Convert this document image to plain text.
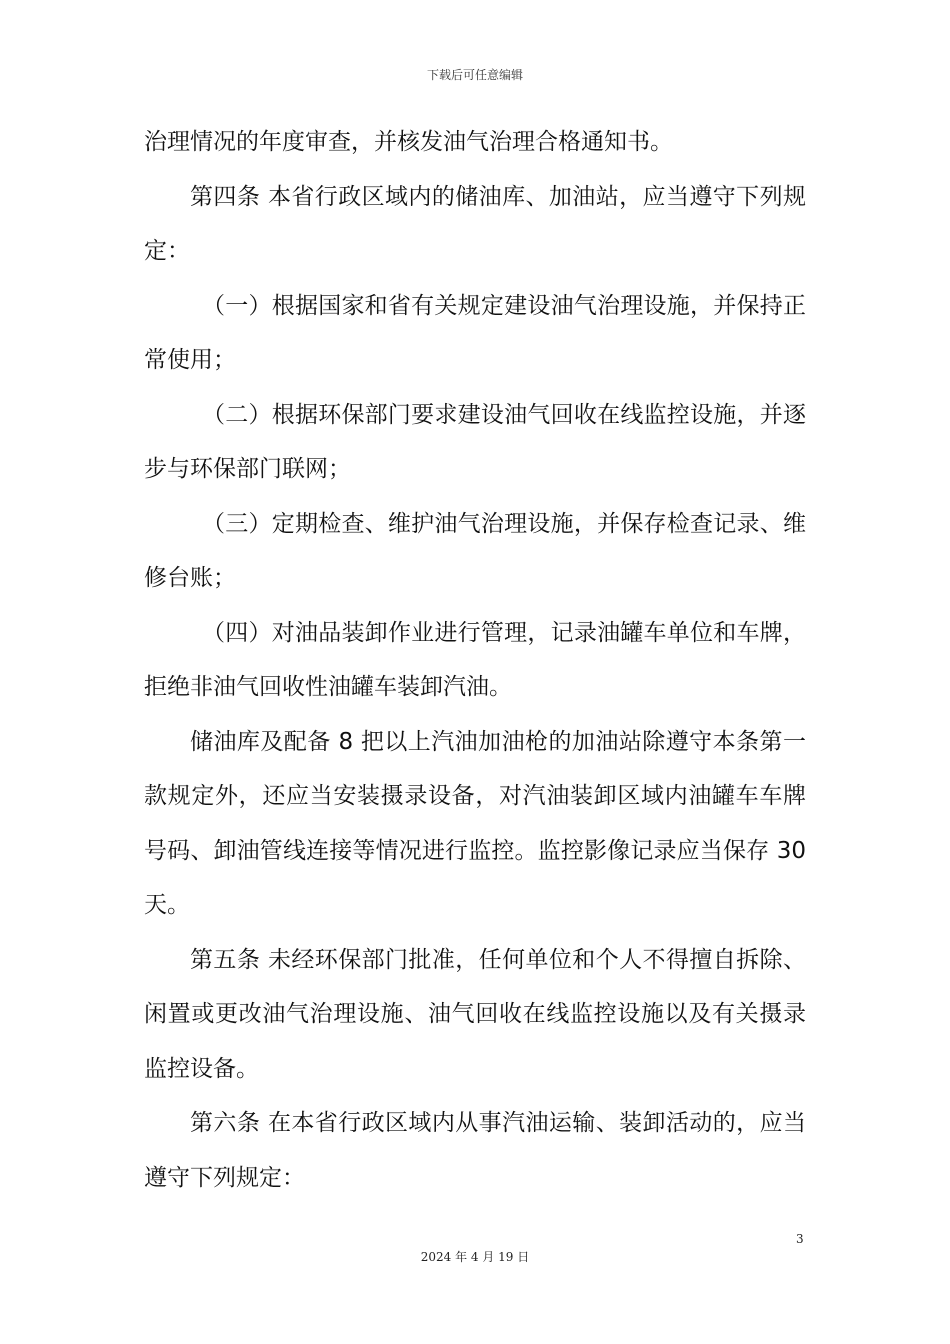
下载后可任意编辑
治理情况的年度审查，并核发油气治理合格通知书。
第四条 本省行政区域内的储油库、加油站，应当遵守下列规
定：
（一）根据国家和省有关规定建设油气治理设施，并保持正
常使用；
（二）根据环保部门要求建设油气回收在线监控设施，并逐
步与环保部门联网；
（三）定期检查、维护油气治理设施，并保存检查记录、维
修台账；
（四）对油品装卸作业进行管理，记录油罐车单位和车牌，
拒绝非油气回收性油罐车装卸汽油。
储油库及配备 8 把以上汽油加油枪的加油站除遵守本条第一
款规定外，还应当安装摄录设备，对汽油装卸区域内油罐车车牌
号码、卸油管线连接等情况进行监控。监控影像记录应当保存 30
天。
第五条 未经环保部门批准，任何单位和个人不得擅自拆除、
闲置或更改油气治理设施、油气回收在线监控设施以及有关摄录
监控设备。
第六条 在本省行政区域内从事汽油运输、装卸活动的，应当
遵守下列规定：
3
2024 年 4 月 19 日
